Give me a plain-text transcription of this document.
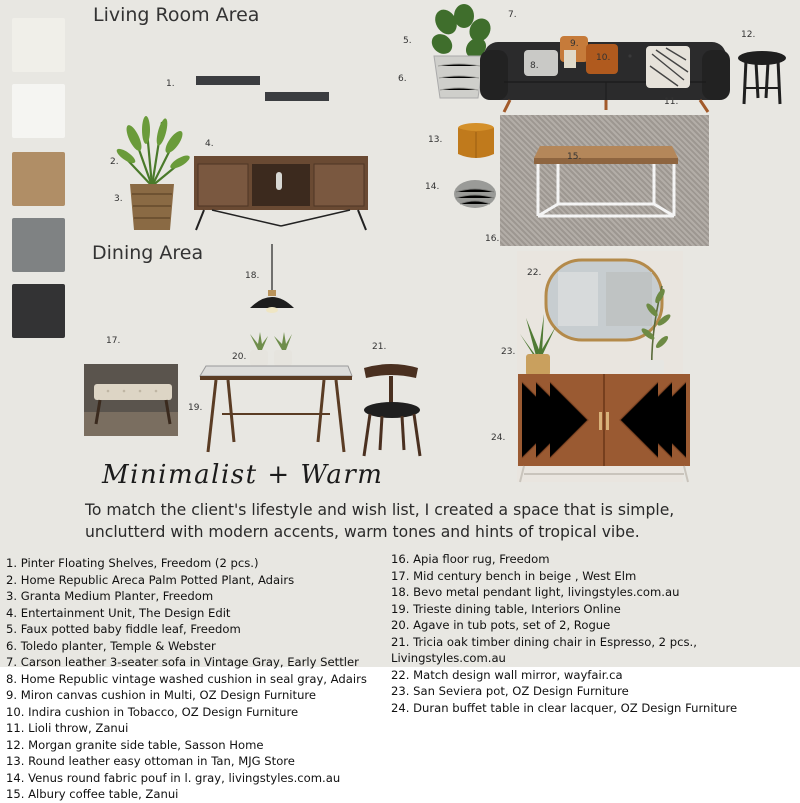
Living Room Area
Dining Area
1.
2.
3.
4.
5.
6.
7.
8.
9.
10.
11.
12.
13.
14.
15.
16.
17.
18.
19.
20.
21.
22.
23.
24.
Minimalist + Warm
To match the client's lifestyle and wish list, I created a space that is simple,
unclutterd with modern accents, warm tones and hints of tropical vibe.
1. Pinter Floating Shelves, Freedom (2 pcs.)
2. Home Republic Areca Palm Potted Plant, Adairs
3. Granta Medium Planter, Freedom
4. Entertainment Unit, The Design Edit
5. Faux potted baby fiddle leaf, Freedom
6. Toledo planter, Temple & Webster
7. Carson leather 3-seater sofa in Vintage Gray, Early Settler
8. Home Republic vintage washed cushion in seal gray, Adairs
9. Miron canvas cushion in Multi, OZ Design Furniture
10. Indira cushion in Tobacco, OZ Design Furniture
11. Lioli throw, Zanui
12. Morgan granite side table, Sasson Home
13. Round leather easy ottoman in Tan, MJG Store
14. Venus round fabric pouf in l. gray, livingstyles.com.au
15. Albury coffee table, Zanui
16. Apia floor rug, Freedom
17. Mid century bench in beige , West Elm
18. Bevo metal pendant light, livingstyles.com.au
19. Trieste dining table, Interiors Online
20. Agave in tub pots, set of 2, Rogue
21. Tricia oak timber dining chair in Espresso, 2 pcs.,
Livingstyles.com.au
22. Match design wall mirror, wayfair.ca
23. San Seviera pot, OZ Design Furniture
24. Duran buffet table in clear lacquer, OZ Design Furniture
